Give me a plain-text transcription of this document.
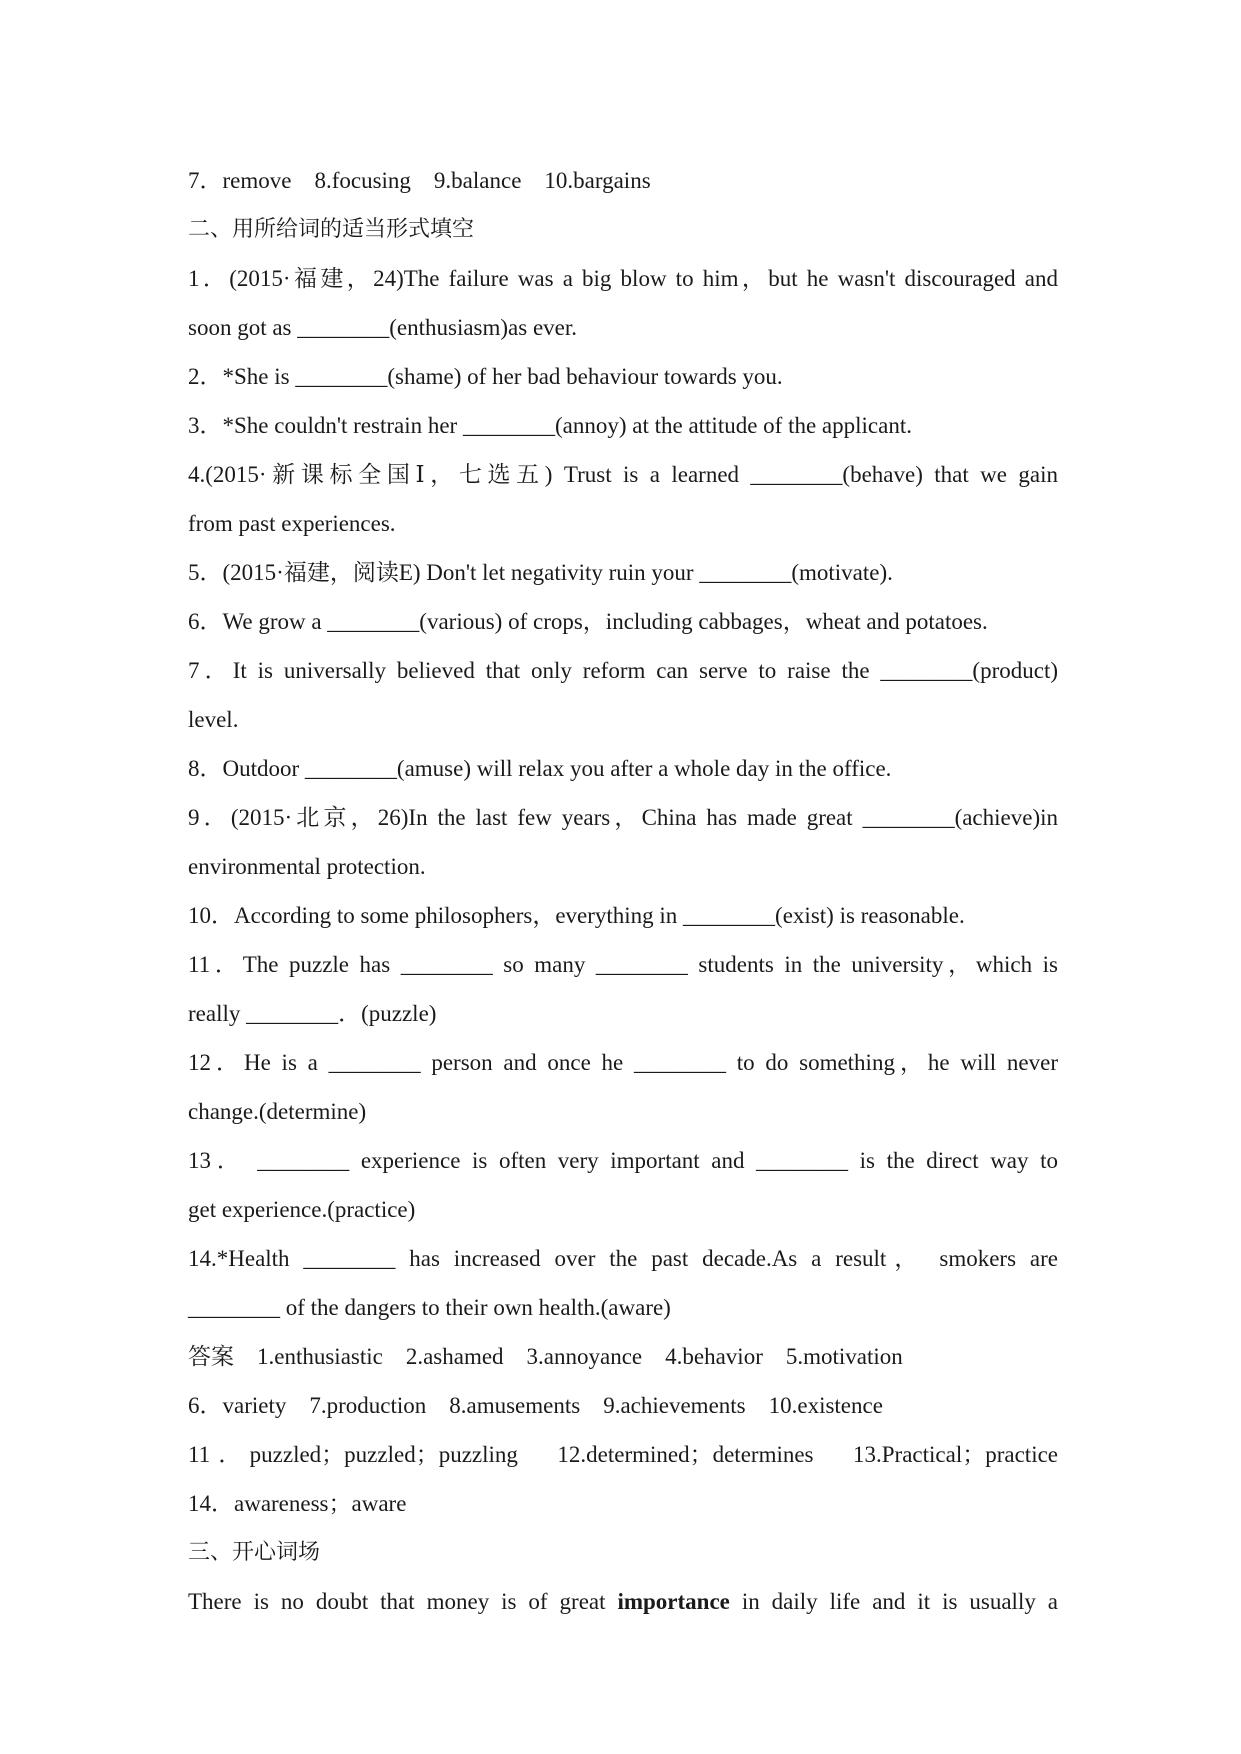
7．remove　8.focusing　9.balance　10.bargains
二、用所给词的适当形式填空
1．(2015·福建，24)The failure was a big blow to him，but he wasn't discouraged and
soon got as ________(enthusiasm)as ever.
2．*She is ________(shame) of her bad behaviour towards you.
3．*She couldn't restrain her ________(annoy) at the attitude of the applicant.
4.(2015·新课标全国Ⅰ，七选五) Trust is a learned ________(behave) that we gain
from past experiences.
5．(2015·福建，阅读E) Don't let negativity ruin your ________(motivate).
6．We grow a ________(various) of crops，including cabbages，wheat and potatoes.
7．It is universally believed that only reform can serve to raise the ________(product)
level.
8．Outdoor ________(amuse) will relax you after a whole day in the office.
9．(2015·北京，26)In the last few years，China has made great ________(achieve)in
environmental protection.
10．According to some philosophers，everything in ________(exist) is reasonable.
11．The puzzle has ________ so many ________ students in the university，which is
really ________．(puzzle)
12．He is a ________ person and once he ________ to do something，he will never
change.(determine)
13． ________ experience is often very important and ________ is the direct way to
get experience.(practice)
14.*Health ________ has increased over the past decade.As a result， smokers are
________ of the dangers to their own health.(aware)
答案　1.enthusiastic　2.ashamed　3.annoyance　4.behavior　5.motivation
6．variety　7.production　8.amusements　9.achievements　10.existence
11．puzzled；puzzled；puzzling　12.determined；determines　13.Practical；practice
14．awareness；aware
三、开心词场
There is no doubt that money is of great importance in daily life and it is usually a
